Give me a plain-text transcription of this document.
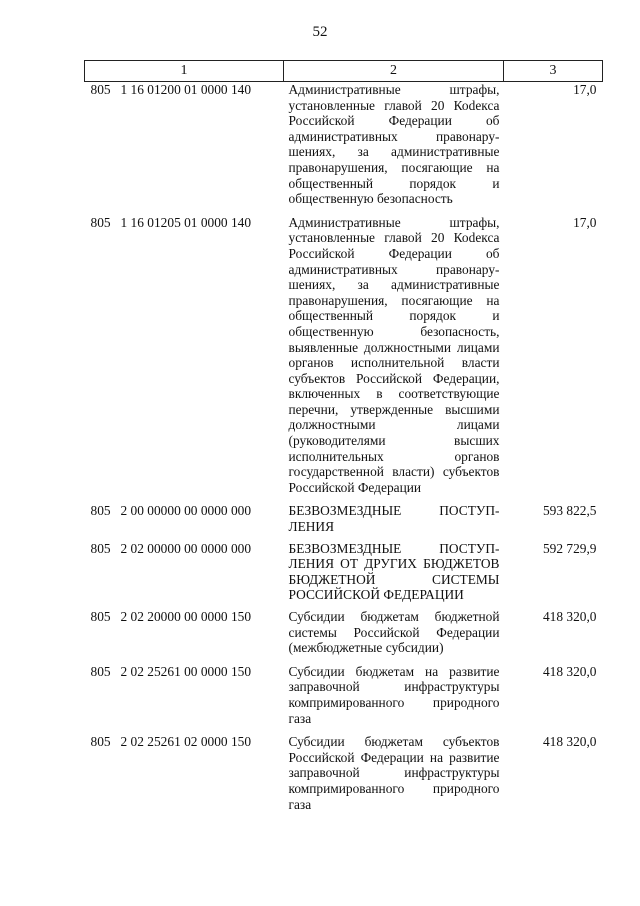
52
1	2	3
805 1 16 01200 01 0000 140	Административные штрафы, установленные главой 20 Коdекса Российской Федерации об административных правонарушениях, за административные правонарушения, посягающие на общественный порядок и общественную безопасность	17,0
805 1 16 01205 01 0000 140	Административные штрафы, установленные главой 20 Коdекса Российской Федерации об административных правонарушениях, за административные правонарушения, посягающие на общественный порядок и общественную безопасность, выявленные должностными лицами органов исполнительной власти субъектов Российской Федерации, включенных в соответствующие перечни, утвержденные высшими должностными лицами (руководителями высших исполнительных органов государственной власти) субъектов Российской Федерации	17,0
805 2 00 00000 00 0000 000	БЕЗВОЗМЕЗДНЫЕ ПОСТУПЛЕНИЯ	593 822,5
805 2 02 00000 00 0000 000	БЕЗВОЗМЕЗДНЫЕ ПОСТУПЛЕНИЯ ОТ ДРУГИХ БЮДЖЕТОВ БЮДЖЕТНОЙ СИСТЕМЫ РОССИЙСКОЙ ФЕДЕРАЦИИ	592 729,9
805 2 02 20000 00 0000 150	Субсидии бюджетам бюджетной системы Российской Федерации (межбюджетные субсидии)	418 320,0
805 2 02 25261 00 0000 150	Субсидии бюджетам на развитие заправочной инфраструктуры компримированного природного газа	418 320,0
805 2 02 25261 02 0000 150	Субсидии бюджетам субъектов Российской Федерации на развитие заправочной инфраструктуры компримированного природного газа	418 320,0
